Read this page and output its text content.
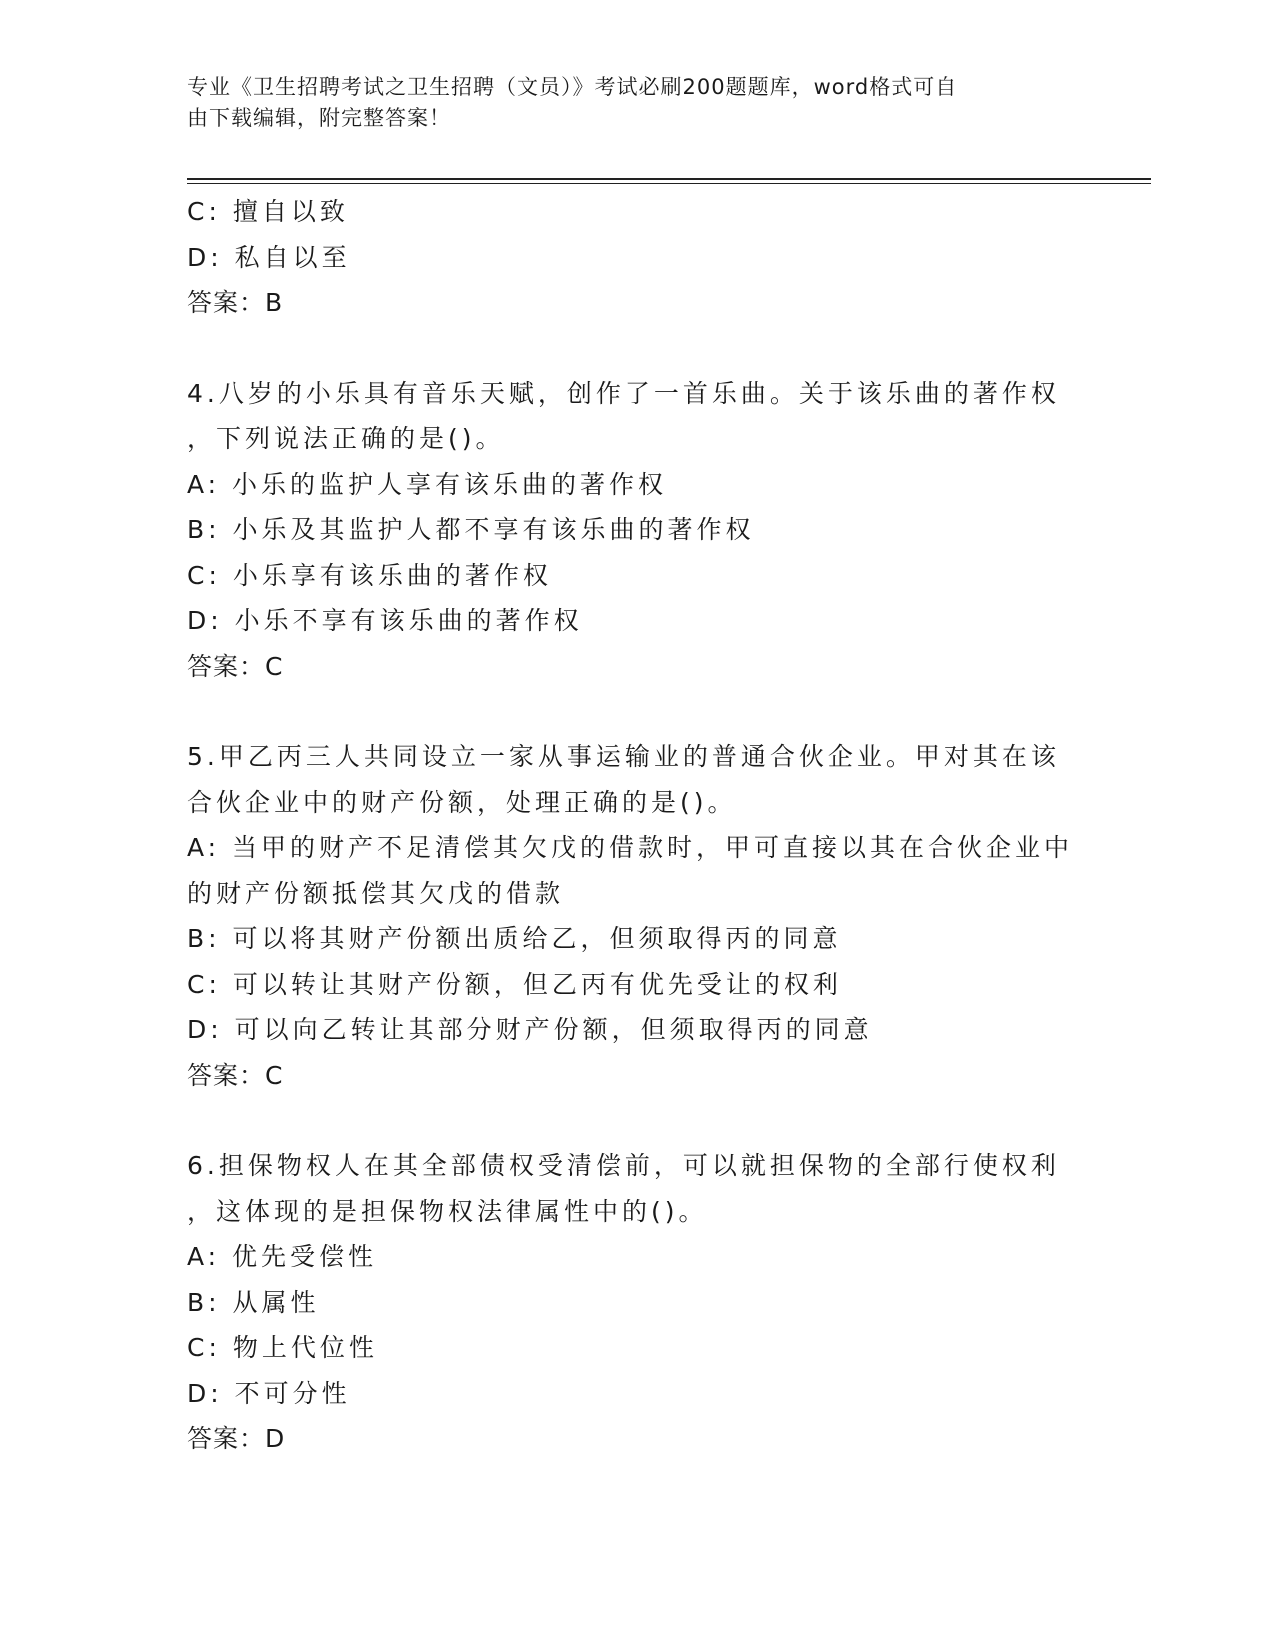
专业《卫生招聘考试之卫生招聘（文员）》考试必刷200题题库，word格式可自
由下载编辑，附完整答案！
C: 擅自以致
D: 私自以至
答案：B
4.八岁的小乐具有音乐天赋，创作了一首乐曲。关于该乐曲的著作权
，下列说法正确的是()。
A: 小乐的监护人享有该乐曲的著作权
B: 小乐及其监护人都不享有该乐曲的著作权
C: 小乐享有该乐曲的著作权
D: 小乐不享有该乐曲的著作权
答案：C
5.甲乙丙三人共同设立一家从事运输业的普通合伙企业。甲对其在该
合伙企业中的财产份额，处理正确的是()。
A: 当甲的财产不足清偿其欠戊的借款时，甲可直接以其在合伙企业中
的财产份额抵偿其欠戊的借款
B: 可以将其财产份额出质给乙，但须取得丙的同意
C: 可以转让其财产份额，但乙丙有优先受让的权利
D: 可以向乙转让其部分财产份额，但须取得丙的同意
答案：C
6.担保物权人在其全部债权受清偿前，可以就担保物的全部行使权利
，这体现的是担保物权法律属性中的()。
A: 优先受偿性
B: 从属性
C: 物上代位性
D: 不可分性
答案：D
